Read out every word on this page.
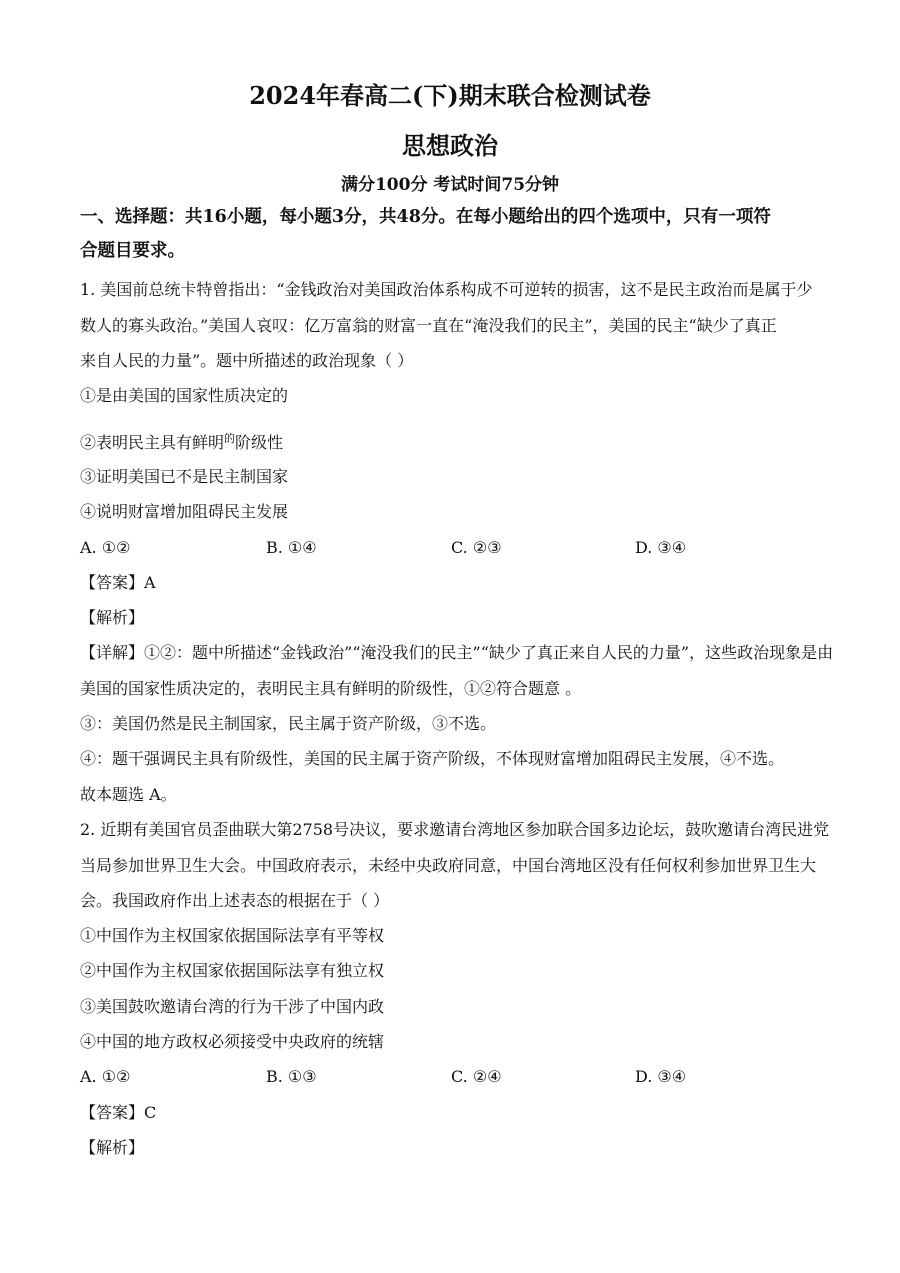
2024年春高二(下)期末联合检测试卷
思想政治
满分100分 考试时间75分钟
一、选择题：共16小题，每小题3分，共48分。在每小题给出的四个选项中，只有一项符
合题目要求。
1. 美国前总统卡特曾指出：“金钱政治对美国政治体系构成不可逆转的损害，这不是民主政治而是属于少
数人的寡头政治。”美国人哀叹：亿万富翁的财富一直在“淹没我们的民主”，美国的民主“缺少了真正
来自人民的力量”。题中所描述的政治现象（ ）
①是由美国的国家性质决定的
②表明民主具有鲜明$^的$阶级性
③证明美国已不是民主制国家
④说明财富增加阻碍民主发展
A. ①②	B. ①④	C. ②③	D. ③④
【答案】A
【解析】
【详解】①②：题中所描述“金钱政治”“淹没我们的民主”“缺少了真正来自人民的力量”，这些政治现象是由
美国的国家性质决定的，表明民主具有鲜明的阶级性，①②符合题意 。
③：美国仍然是民主制国家，民主属于资产阶级，③不选。
④：题干强调民主具有阶级性，美国的民主属于资产阶级，不体现财富增加阻碍民主发展，④不选。
故本题选 A。
2. 近期有美国官员歪曲联大第2758号决议，要求邀请台湾地区参加联合国多边论坛，鼓吹邀请台湾民进党
当局参加世界卫生大会。中国政府表示，未经中央政府同意，中国台湾地区没有任何权利参加世界卫生大
会。我国政府作出上述表态的根据在于（ ）
①中国作为主权国家依据国际法享有平等权
②中国作为主权国家依据国际法享有独立权
③美国鼓吹邀请台湾的行为干涉了中国内政
④中国的地方政权必须接受中央政府的统辖
A. ①②	B. ①③	C. ②④	D. ③④
【答案】C
【解析】
